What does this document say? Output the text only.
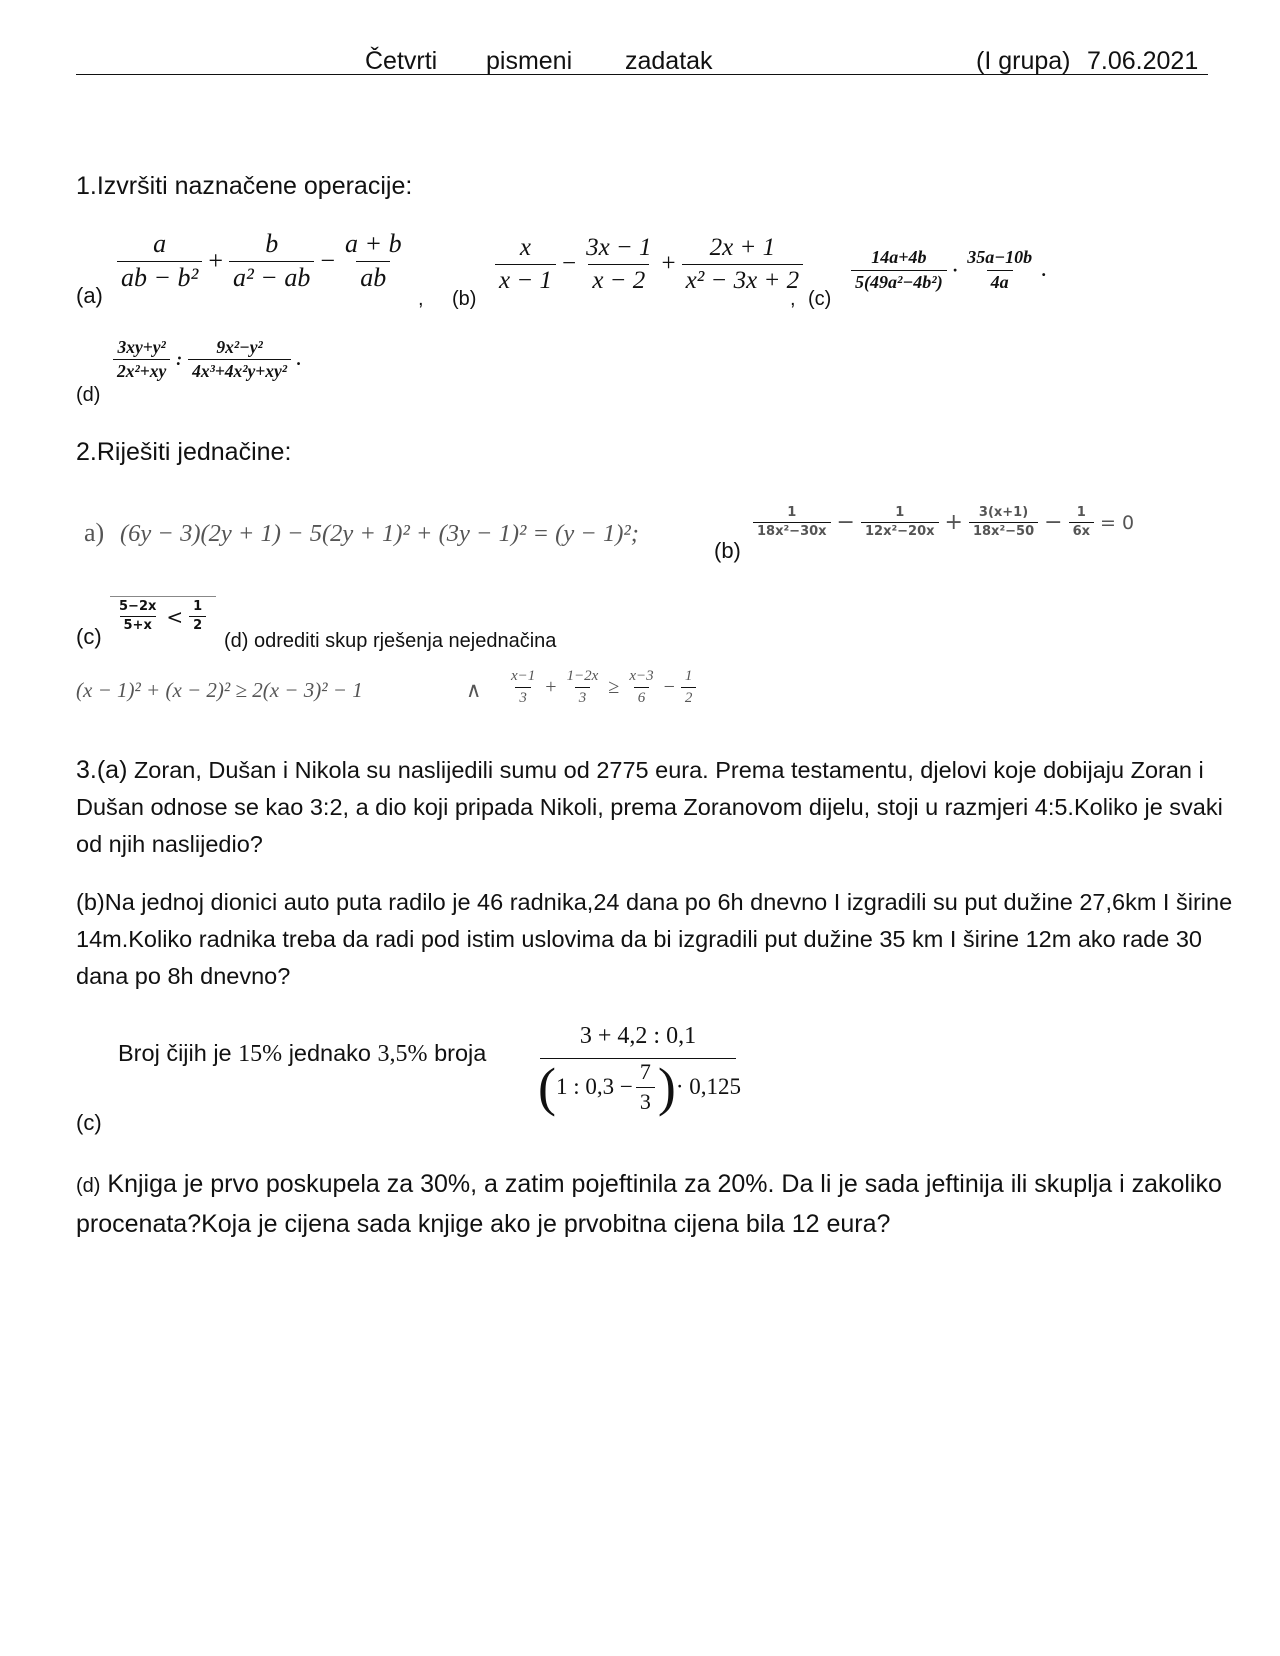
Četvrti pismeni zadatak	(I grupa) 7.06.2021
1.Izvršiti naznačene operacije:
(a)
$\frac{a}{\text{ab − b²}} + \frac{b}{\text{a² − ab}} - \frac{a + b}{ab}$
, (b)
$\frac{x}{x - 1} - \frac{3x - 1}{x - 2} + \frac{2x + 1}{\text{x² − 3x + 2}}$
, (c)
$\frac{14a+4b}{\text{5(49a²−4b²)}} \cdot \frac{35a-10b}{4a}$ .
(d)
$\frac{\text{3xy+y²}}{\text{2x²+xy}}$ : $\frac{\text{9x²−y²}}{\text{4x³+4x²y+xy²}}$ .
2.Riješiti jednačine:
a) (6y − 3)(2y + 1) − 5(2y + 1)² + (3y − 1)² = (y − 1)²;
(b)
$\frac{1}{\text{18x²−30x}} - \frac{1}{\text{12x²−20x}} + \frac{3(x+1)}{\text{18x²−50}} - \frac{1}{6x} = 0$
(c)
$\frac{5-2x}{5+x} < \frac{1}{2}$
(d) odrediti skup rješenja nejednačina
(x − 1)² + (x − 2)² ≥ 2(x − 3)² − 1	∧ $\frac{x-1}{3} + \frac{1-2x}{3} \ge \frac{x-3}{6} - \frac{1}{2}$
3.(a) Zoran, Dušan i Nikola su naslijedili sumu od 2775 eura. Prema testamentu, djelovi koje dobijaju Zoran i Dušan odnose se kao 3:2, a dio koji pripada Nikoli, prema Zoranovom dijelu, stoji u razmjeri 4:5.Koliko je svaki od njih naslijedio?
(b)Na jednoj dionici auto puta radilo je 46 radnika,24 dana po 6h dnevno I izgradili su put dužine 27,6km I širine 14m.Koliko radnika treba da radi pod istim uslovima da bi izgradili put dužine 35 km I širine 12m ako rade 30 dana po 8h dnevno?
Broj čijih je 15% jednako 3,5% broja
3 + 4,2 : 0,1
( 1 : $0,3 - \frac{7}{3}$ ) · 0,125
(c)
(d) Knjiga je prvo poskupela za 30%, a zatim pojeftinila za 20%. Da li je sada jeftinija ili skuplja i zakoliko procenata?Koja je cijena sada knjige ako je prvobitna cijena bila 12 eura?
